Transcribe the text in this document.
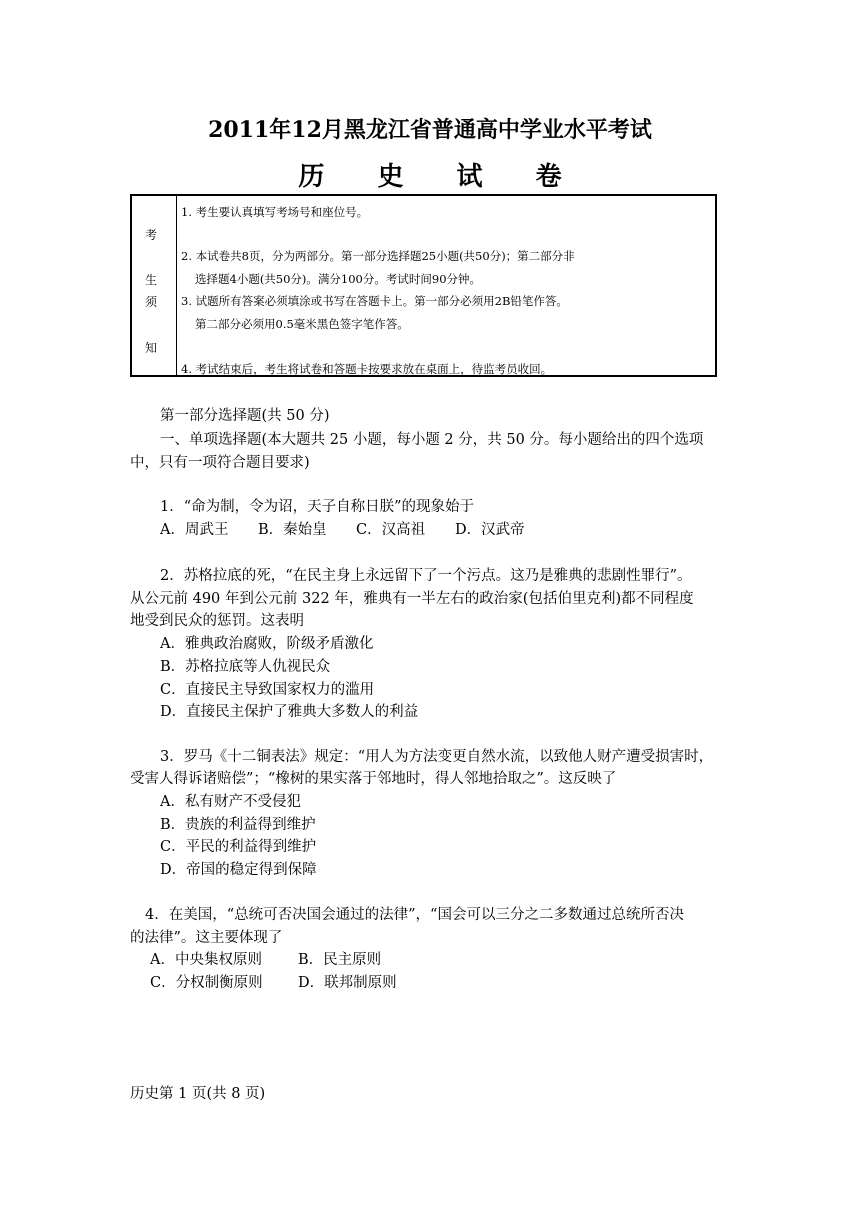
2011年12月黑龙江省普通高中学业水平考试
历 史 试 卷
考
生
须
知
1. 考生要认真填写考场号和座位号。
2. 本试卷共8页，分为两部分。第一部分选择题25小题(共50分)；第二部分非
选择题4小题(共50分)。满分100分。考试时间90分钟。
3. 试题所有答案必须填涂或书写在答题卡上。第一部分必须用2B铅笔作答。
第二部分必须用0.5毫米黑色签字笔作答。
4. 考试结束后，考生将试卷和答题卡按要求放在桌面上，待监考员收回。
第一部分选择题(共 50 分)
一、单项选择题(本大题共 25 小题，每小题 2 分，共 50 分。每小题给出的四个选项
中，只有一项符合题目要求)
1．“命为制，令为诏，天子自称日朕”的现象始于
A．周武王 B．秦始皇 C．汉高祖 D．汉武帝
2．苏格拉底的死，“在民主身上永远留下了一个污点。这乃是雅典的悲剧性罪行”。
从公元前 490 年到公元前 322 年，雅典有一半左右的政治家(包括伯里克利)都不同程度
地受到民众的惩罚。这表明
A．雅典政治腐败，阶级矛盾激化
B．苏格拉底等人仇视民众
C．直接民主导致国家权力的滥用
D．直接民主保护了雅典大多数人的利益
3．罗马《十二铜表法》规定：“用人为方法变更自然水流，以致他人财产遭受损害时，
受害人得诉诸赔偿”；“橡树的果实落于邻地时，得人邻地拾取之”。这反映了
A．私有财产不受侵犯
B．贵族的利益得到维护
C．平民的利益得到维护
D．帝国的稳定得到保障
4．在美国，“总统可否决国会通过的法律”，“国会可以三分之二多数通过总统所否决
的法律”。这主要体现了
A．中央集权原则 B．民主原则
C．分权制衡原则 D．联邦制原则
历史第 1 页(共 8 页)
